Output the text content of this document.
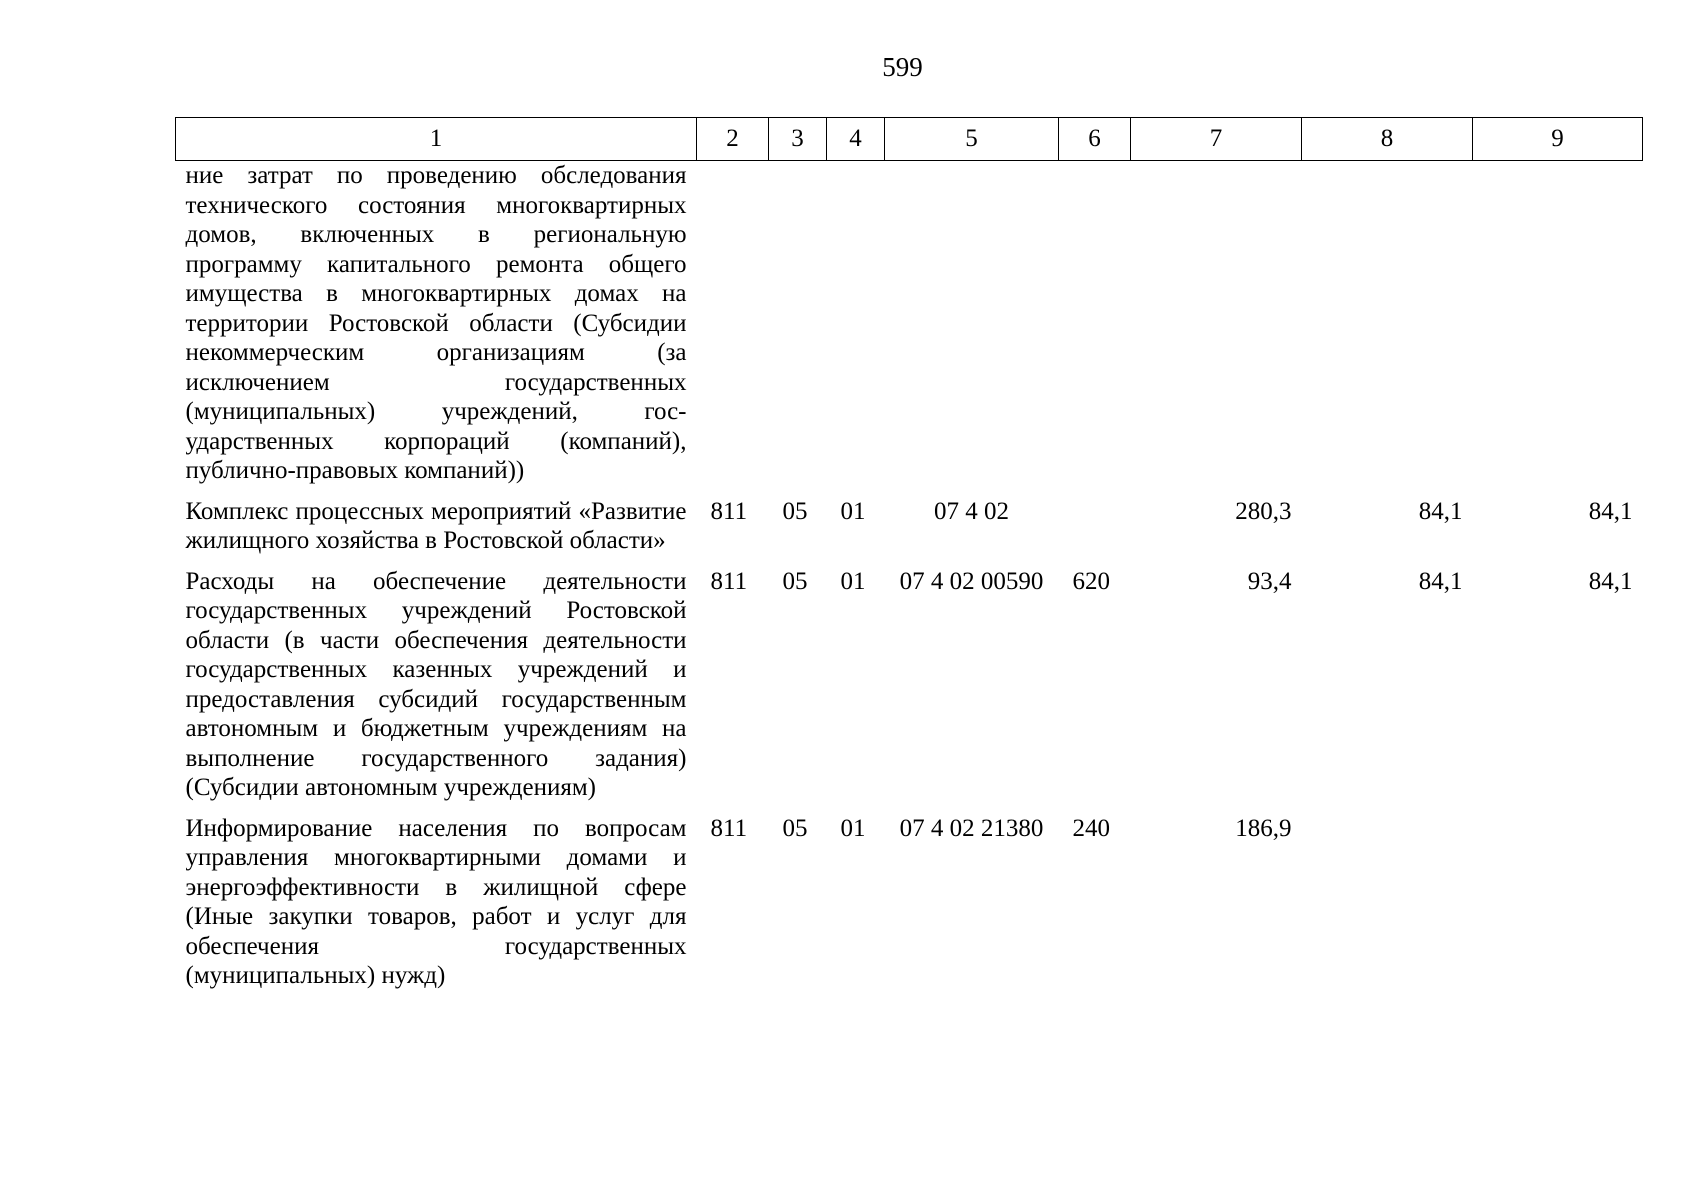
599
1	2	3	4	5	6	7	8	9
ние затрат по проведению обследования технического состояния многоквартирных домов, включенных в региональную программу капитального ремонта общего имущества в многоквартирных домах на территории Ростовской области (Субсидии некоммерческим организациям (за исключением государственных (муниципальных) учреждений, государственных корпораций (компаний), публично-правовых компаний))								
Комплекс процессных мероприятий «Развитие жилищного хозяйства в Ростовской области»	811	05	01	07 4 02		280,3	84,1	84,1
Расходы на обеспечение деятельности государственных учреждений Ростовской области (в части обеспечения деятельности государственных казенных учреждений и предоставления субсидий государственным автономным и бюджетным учреждениям на выполнение государственного задания) (Субсидии автономным учреждениям)	811	05	01	07 4 02 00590	620	93,4	84,1	84,1
Информирование населения по вопросам управления многоквартирными домами и энергоэффективности в жилищной сфере (Иные закупки товаров, работ и услуг для обеспечения государственных (муниципальных) нужд)	811	05	01	07 4 02 21380	240	186,9		
